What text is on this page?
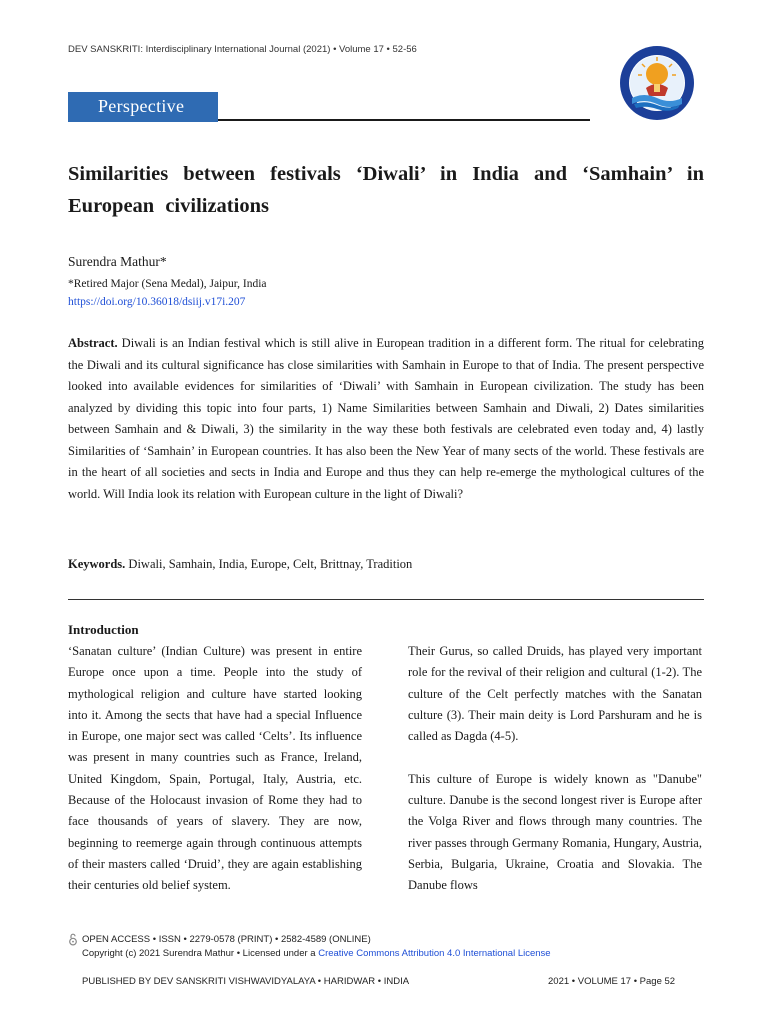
DEV SANSKRITI: Interdisciplinary International Journal (2021) • Volume 17 • 52-56
Perspective
Similarities between festivals ‘Diwali’ in India and ‘Samhain’ in European civilizations
Surendra Mathur*
*Retired Major (Sena Medal), Jaipur, India
https://doi.org/10.36018/dsiij.v17i.207
Abstract. Diwali is an Indian festival which is still alive in European tradition in a different form. The ritual for celebrating the Diwali and its cultural significance has close similarities with Samhain in Europe to that of India. The present perspective looked into available evidences for similarities of ‘Diwali’ with Samhain in European civilization. The study has been analyzed by dividing this topic into four parts, 1) Name Similarities between Samhain and Diwali, 2) Dates similarities between Samhain and & Diwali, 3) the similarity in the way these both festivals are celebrated even today and, 4) lastly Similarities of ‘Samhain’ in European countries. It has also been the New Year of many sects of the world. These festivals are in the heart of all societies and sects in India and Europe and thus they can help re-emerge the mythological cultures of the world. Will India look its relation with European culture in the light of Diwali?
Keywords. Diwali, Samhain, India, Europe, Celt, Brittnay, Tradition
Introduction

‘Sanatan culture’ (Indian Culture) was present in entire Europe once upon a time. People into the study of mythological religion and culture have started looking into it. Among the sects that have had a special Influence in Europe, one major sect was called ‘Celts’. Its influence was present in many countries such as France, Ireland, United Kingdom, Spain, Portugal, Italy, Austria, etc. Because of the Holocaust invasion of Rome they had to face thousands of years of slavery. They are now, beginning to reemerge again through continuous attempts of their masters called ‘Druid’, they are again establishing their centuries old belief system.

Their Gurus, so called Druids, has played very important role for the revival of their religion and cultural (1-2). The culture of the Celt perfectly matches with the Sanatan culture (3). Their main deity is Lord Parshuram and he is called as Dagda (4-5).

This culture of Europe is widely known as "Danube" culture. Danube is the second longest river is Europe after the Volga River and flows through many countries. The river passes through Germany Romania, Hungary, Austria, Serbia, Bulgaria, Ukraine, Croatia and Slovakia. The Danube flows

OPEN ACCESS • ISSN • 2279-0578 (PRINT) • 2582-4589 (ONLINE)
Copyright (c) 2021 Surendra Mathur • Licensed under a Creative Commons Attribution 4.0 International License
PUBLISHED BY DEV SANSKRITI VISHWAVIDYALAYA • HARIDWAR • INDIA	2021 • VOLUME 17 • Page 52
